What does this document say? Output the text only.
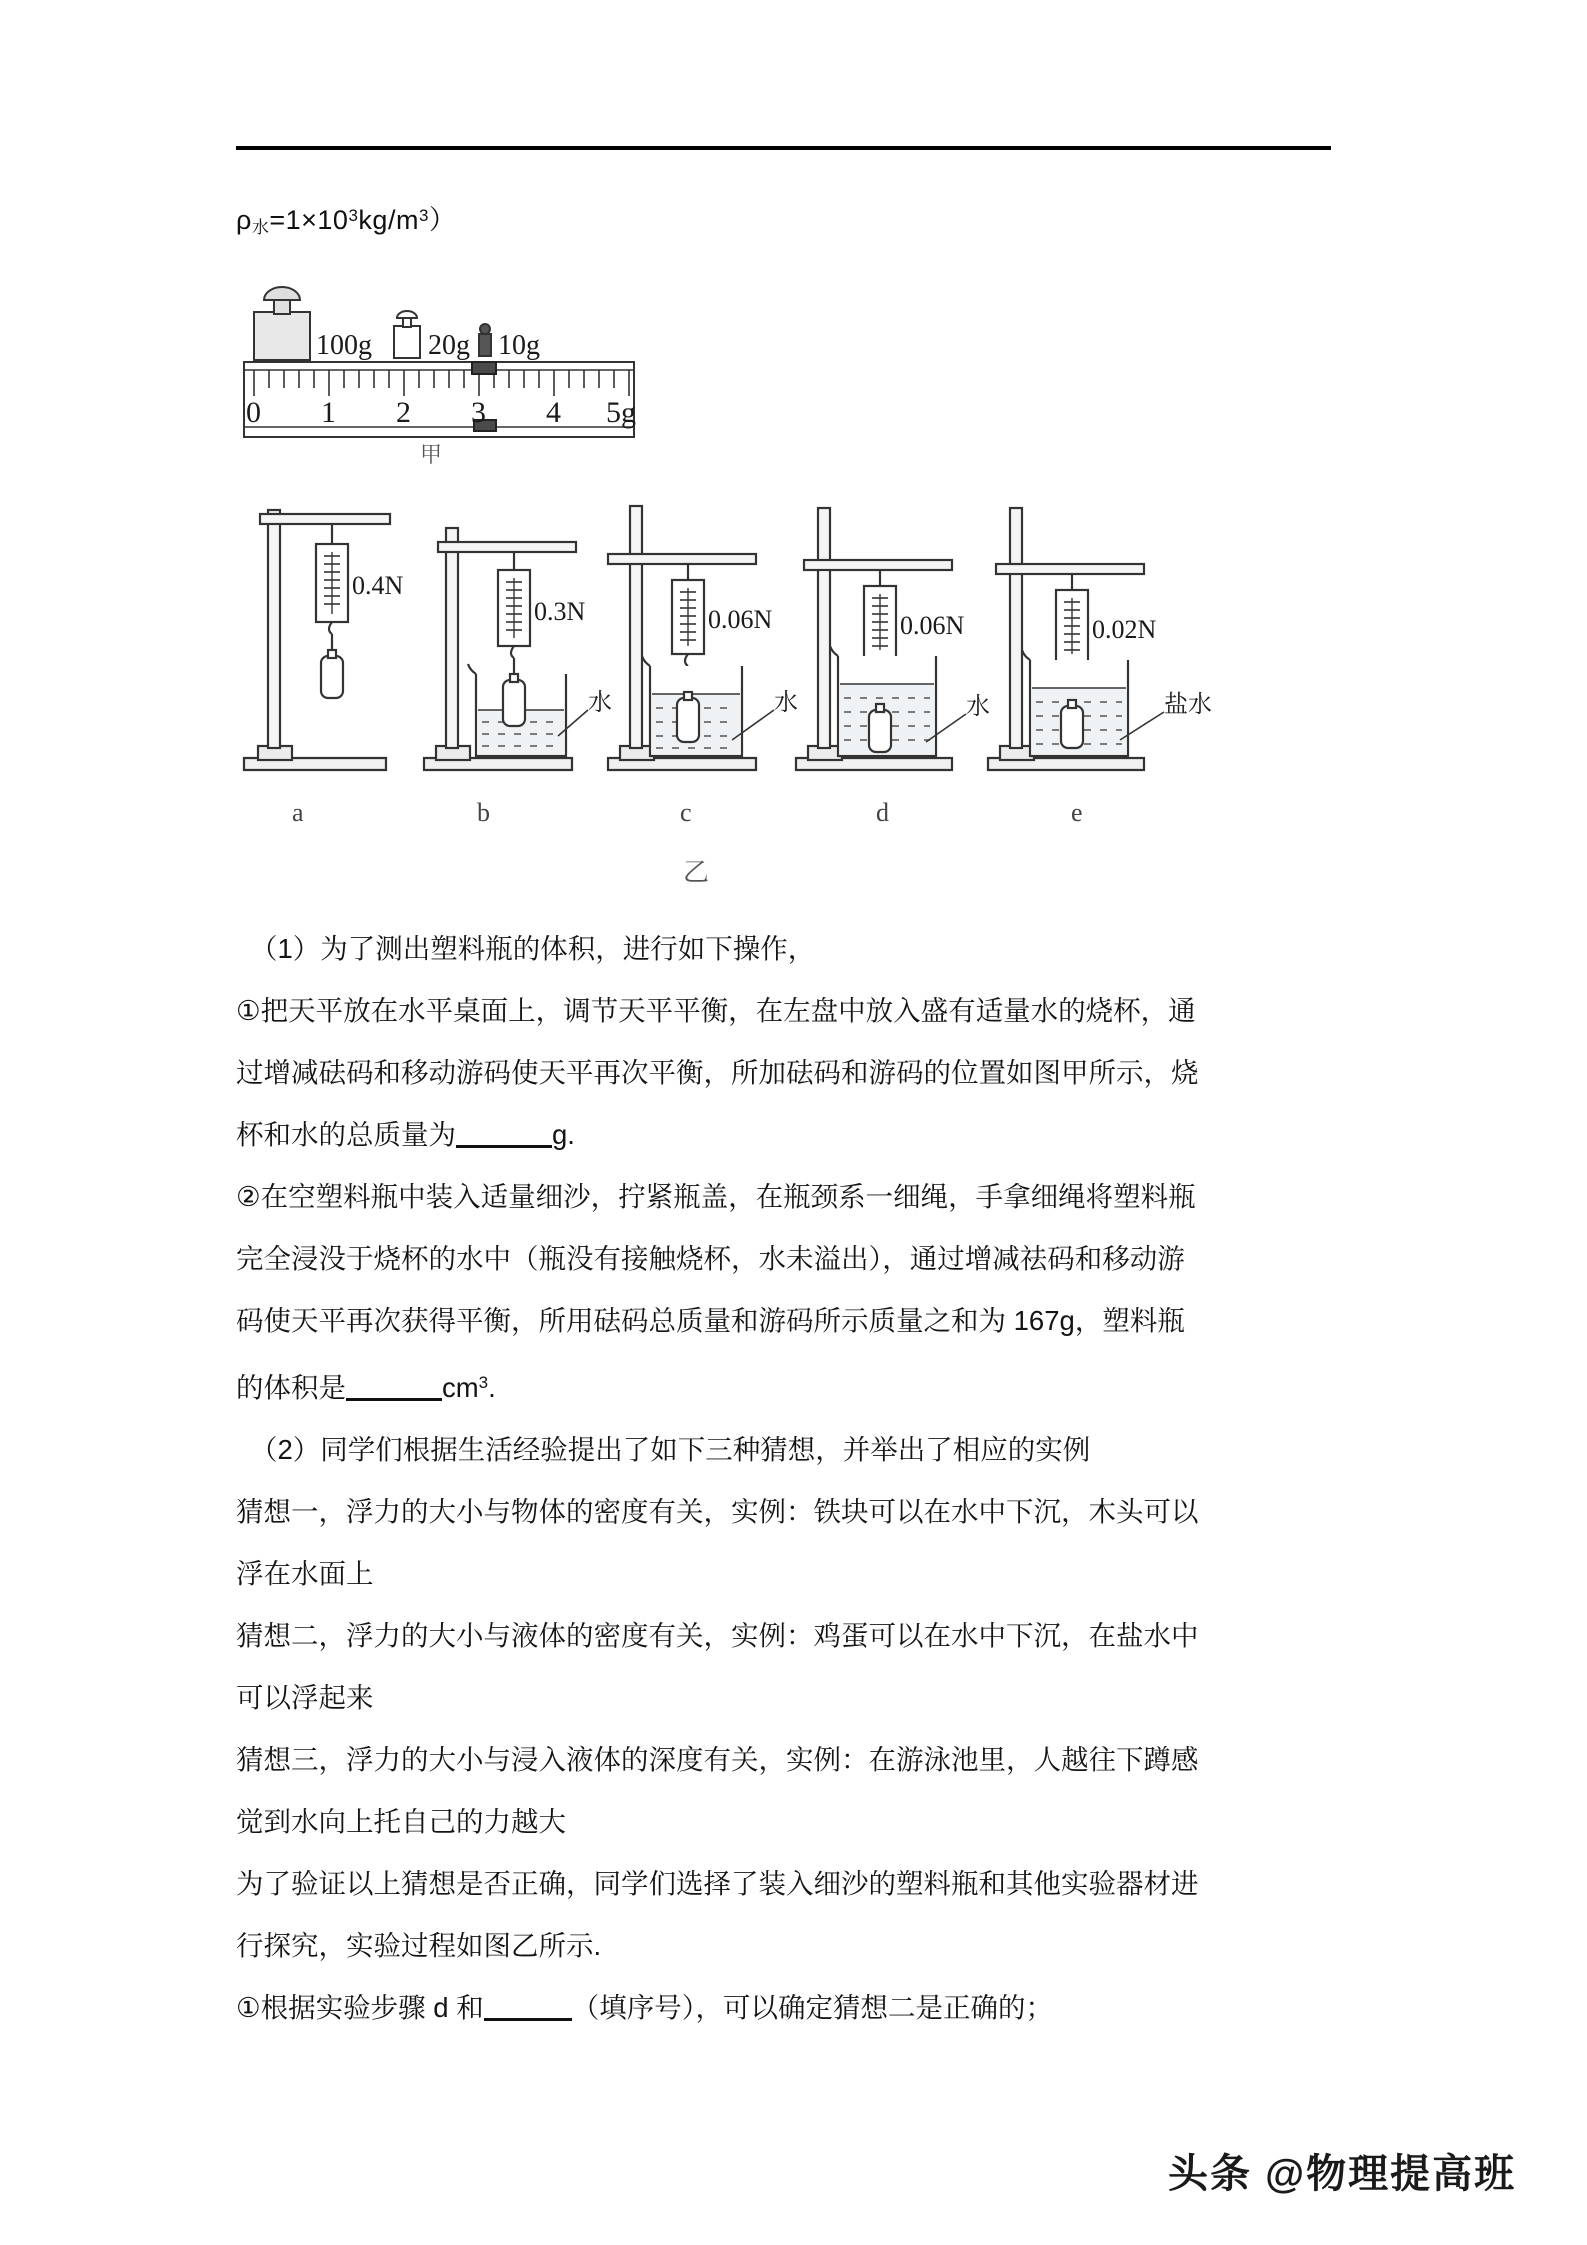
$\rho_水=1\times 10^3kg/m^3$）
100g 20g 10g
0 1 2 3 4 5g
甲
0.4N
0.3N	0.06N	0.06N	0.02N
水	水	水	盐水
a	b	c	d	e
乙
（1）为了测出塑料瓶的体积，进行如下操作，
①把天平放在水平桌面上，调节天平平衡，在左盘中放入盛有适量水的烧杯，通
过增减砝码和移动游码使天平再次平衡，所加砝码和游码的位置如图甲所示，烧
杯和水的总质量为	g.
②在空塑料瓶中装入适量细沙，拧紧瓶盖，在瓶颈系一细绳，手拿细绳将塑料瓶
完全浸没于烧杯的水中（瓶没有接触烧杯，水未溢出），通过增减祛码和移动游
码使天平再次获得平衡，所用砝码总质量和游码所示质量之和为 167g，塑料瓶
的体积是	$cm^3$.
（2）同学们根据生活经验提出了如下三种猜想，并举出了相应的实例
猜想一，浮力的大小与物体的密度有关，实例：铁块可以在水中下沉，木头可以
浮在水面上
猜想二，浮力的大小与液体的密度有关，实例：鸡蛋可以在水中下沉，在盐水中
可以浮起来
猜想三，浮力的大小与浸入液体的深度有关，实例：在游泳池里，人越往下蹲感
觉到水向上托自己的力越大
为了验证以上猜想是否正确，同学们选择了装入细沙的塑料瓶和其他实验器材进
行探究，实验过程如图乙所示.
①根据实验步骤 d 和	（填序号），可以确定猜想二是正确的；
头条 @物理提高班
